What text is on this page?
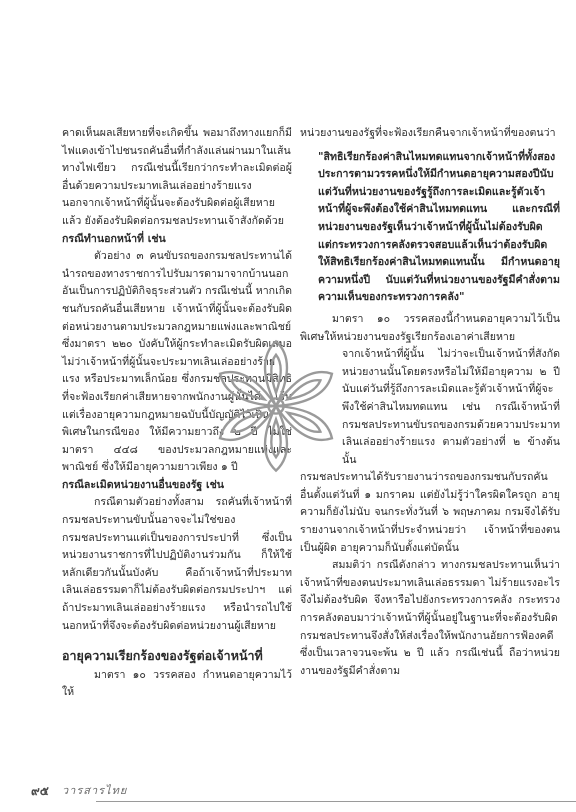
คาดเห็นผลเสียหายที่จะเกิดขึ้น พอมาถึงทางแยกก็มีไฟแดงเข้าไปชนรถคันอื่นที่กำลังแล่นผ่านมาในเส้นทางไฟเขียว กรณีเช่นนี้เรียกว่ากระทำละเมิดต่อผู้อื่นด้วยความประมาทเลินเล่ออย่างร้ายแรง นอกจากเจ้าหน้าที่ผู้นั้นจะต้องรับผิดต่อผู้เสียหายแล้ว ยังต้องรับผิดต่อกรมชลประทานเจ้าสังกัดด้วย

กรณีทำนอกหน้าที่ เช่น

ตัวอย่าง ๓ คนขับรถของกรมชลประทานได้นำรถของทางราชการไปรับมารดามาจากบ้านนอกอันเป็นการปฏิบัติกิจธุระส่วนตัว กรณีเช่นนี้ หากเกิดชนกับรถคันอื่นเสียหาย เจ้าหน้าที่ผู้นั้นจะต้องรับผิดต่อหน่วยงานตามประมวลกฎหมายแพ่งและพาณิชย์ ซึ่งมาตรา ๒๒๐ บังคับให้ผู้กระทำละเมิดรับผิดเสมอ ไม่ว่าเจ้าหน้าที่ผู้นั้นจะประมาทเลินเล่ออย่างร้ายแรง หรือประมาทเล็กน้อย ซึ่งกรมชลประทานมีสิทธิที่จะฟ้องเรียกค่าเสียหายจากพนักงานผู้นั้นได้ เว้นแต่เรื่องอายุความกฎหมายฉบับนี้บัญญัติไว้เป็นพิเศษในกรณีของ ให้มีความยาวถึง ๒ ปี ไม่ใช่ มาตรา ๔๔๘ ของประมวลกฎหมายแพ่งและพาณิชย์ ซึ่งให้มีอายุความยาวเพียง ๑ ปี

กรณีละเมิดหน่วยงานอื่นของรัฐ เช่น

กรณีตามตัวอย่างทั้งสาม รถคันที่เจ้าหน้าที่กรมชลประทานขับนั้นอาจจะไม่ใช่ของกรมชลประทานแต่เป็นของการประปาที่ ซึ่งเป็นหน่วยงานราชการที่ไปปฏิบัติงานร่วมกัน ก็ให้ใช้หลักเดียวกันนั้นบังคับ คือถ้าเจ้าหน้าที่ประมาทเลินเล่อธรรมดาก็ไม่ต้องรับผิดต่อกรมประปาฯ แต่ถ้าประมาทเลินเล่ออย่างร้ายแรง หรือนำรถไปใช้นอกหน้าที่จึงจะต้องรับผิดต่อหน่วยงานผู้เสียหาย

อายุความเรียกร้องของรัฐต่อเจ้าหน้าที่

มาตรา ๑๐ วรรคสอง กำหนดอายุความไว้ให้

หน่วยงานของรัฐที่จะฟ้องเรียกคืนจากเจ้าหน้าที่ของตนว่า

"สิทธิเรียกร้องค่าสินไหมทดแทนจากเจ้าหน้าที่ทั้งสองประการตามวรรคหนึ่งให้มีกำหนดอายุความสองปีนับแต่วันที่หน่วยงานของรัฐรู้ถึงการละเมิดและรู้ตัวเจ้าหน้าที่ผู้จะพึงต้องใช้ค่าสินไหมทดแทน และกรณีที่หน่วยงานของรัฐเห็นว่าเจ้าหน้าที่ผู้นั้นไม่ต้องรับผิด แต่กระทรวงการคลังตรวจสอบแล้วเห็นว่าต้องรับผิด ให้สิทธิเรียกร้องค่าสินไหมทดแทนนั้น มีกำหนดอายุความหนึ่งปี นับแต่วันที่หน่วยงานของรัฐมีคำสั่งตามความเห็นของกระทรวงการคลัง"

มาตรา ๑๐ วรรคสองนี้กำหนดอายุความไว้เป็นพิเศษให้หน่วยงานของรัฐเรียกร้องเอาค่าเสียหาย

จากเจ้าหน้าที่ผู้นั้น ไม่ว่าจะเป็นเจ้าหน้าที่สังกัดหน่วยงานนั้นโดยตรงหรือไม่ให้มีอายุความ ๒ ปี นับแต่วันที่รู้ถึงการละเมิดและรู้ตัวเจ้าหน้าที่ผู้จะพึงใช้ค่าสินไหมทดแทน เช่น กรณีเจ้าหน้าที่กรมชลประทานขับรถของกรมด้วยความประมาทเลินเล่ออย่างร้ายแรง ตามตัวอย่างที่ ๒ ข้างต้นนั้น

กรมชลประทานได้รับรายงานว่ารถของกรมชนกับรถคันอื่นตั้งแต่วันที่ ๑ มกราคม แต่ยังไม่รู้ว่าใครผิดใครถูก อายุความก็ยังไม่นับ จนกระทั่งวันที่ ๖ พฤษภาคม กรมจึงได้รับรายงานจากเจ้าหน้าที่ประจำหน่วยว่า เจ้าหน้าที่ของตนเป็นผู้ผิด อายุความก็นับตั้งแต่บัดนั้น

สมมติว่า กรณีดังกล่าว ทางกรมชลประทานเห็นว่า เจ้าหน้าที่ของตนประมาทเลินเล่อธรรมดา ไม่ร้ายแรงอะไร จึงไม่ต้องรับผิด จึงหารือไปยังกระทรวงการคลัง กระทรวงการคลังตอบมาว่าเจ้าหน้าที่ผู้นั้นอยู่ในฐานะที่จะต้องรับผิด กรมชลประทานจึงสั่งให้ส่งเรื่องให้พนักงานอัยการฟ้องคดี ซึ่งเป็นเวลาจวนจะพ้น ๒ ปี แล้ว กรณีเช่นนี้ ถือว่าหน่วยงานของรัฐมีคำสั่งตาม

๙๕ วารสารไทย
